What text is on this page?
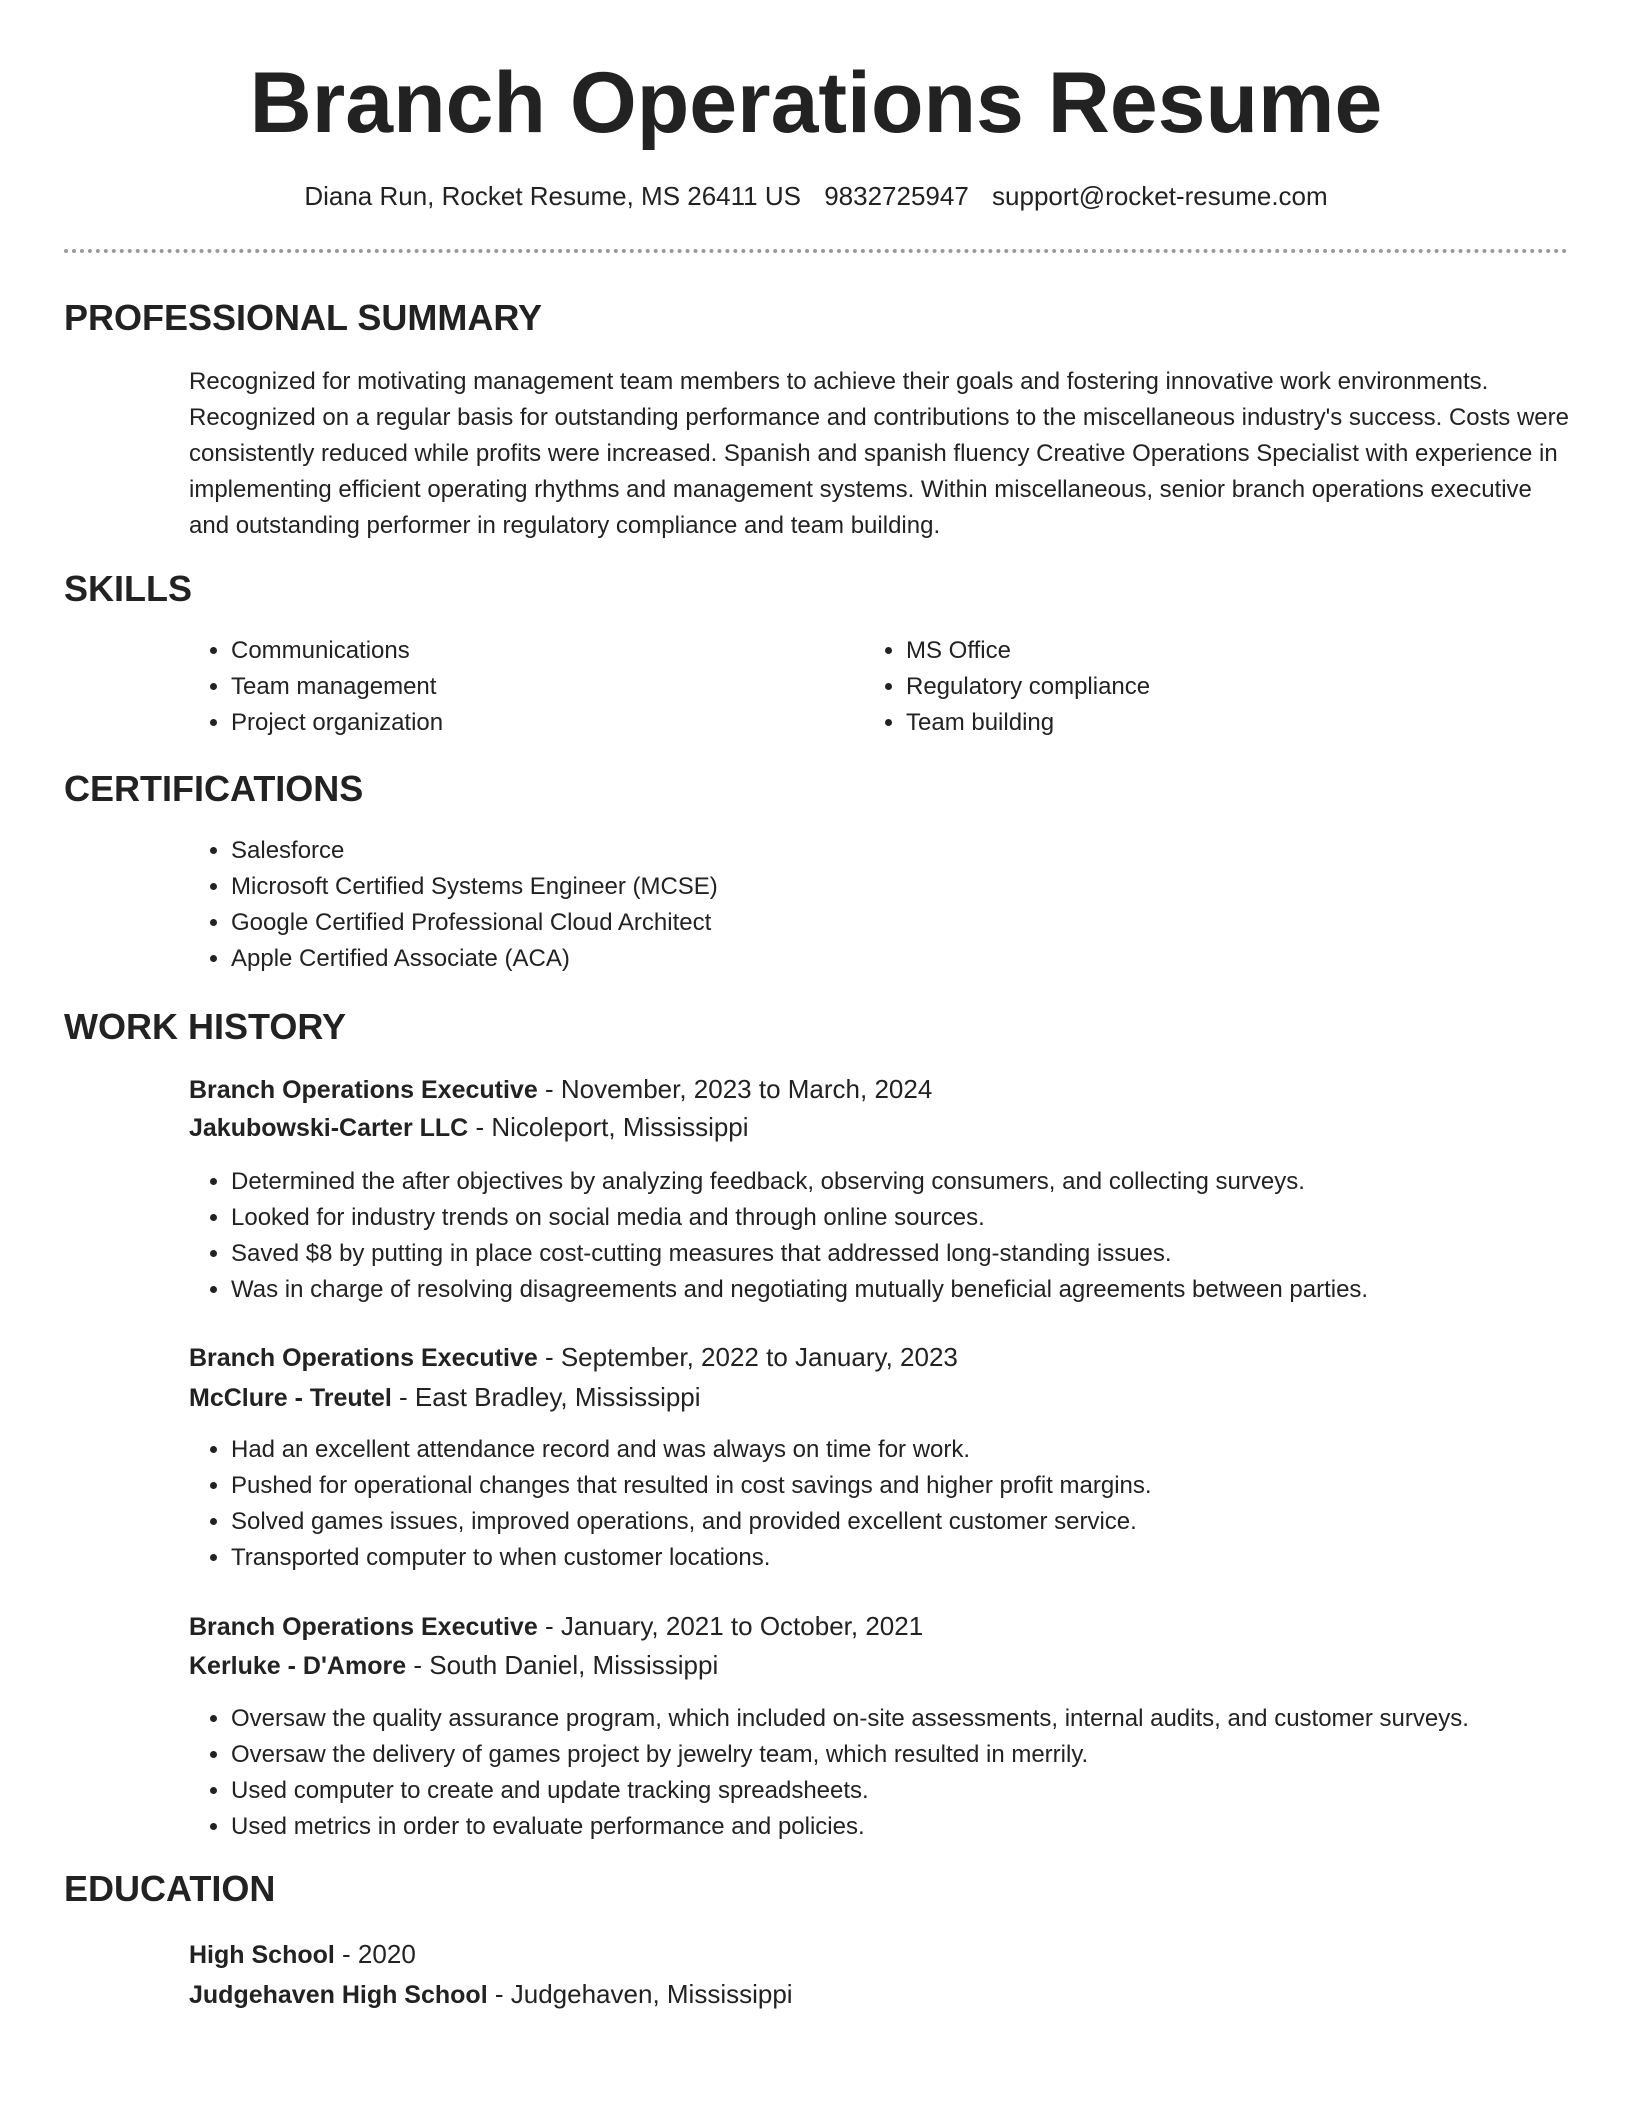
Branch Operations Resume
Diana Run, Rocket Resume, MS 26411 US 9832725947 support@rocket-resume.com
PROFESSIONAL SUMMARY

Recognized for motivating management team members to achieve their goals and fostering innovative work environments. Recognized on a regular basis for outstanding performance and contributions to the miscellaneous industry's success. Costs were consistently reduced while profits were increased. Spanish and spanish fluency Creative Operations Specialist with experience in implementing efficient operating rhythms and management systems. Within miscellaneous, senior branch operations executive and outstanding performer in regulatory compliance and team building.

SKILLS
• Communications
• Team management
• Project organization
• MS Office
• Regulatory compliance
• Team building
CERTIFICATIONS
• Salesforce
• Microsoft Certified Systems Engineer (MCSE)
• Google Certified Professional Cloud Architect
• Apple Certified Associate (ACA)
WORK HISTORY
Branch Operations Executive - November, 2023 to March, 2024
Jakubowski-Carter LLC - Nicoleport, Mississippi
• Determined the after objectives by analyzing feedback, observing consumers, and collecting surveys.
• Looked for industry trends on social media and through online sources.
• Saved $8 by putting in place cost-cutting measures that addressed long-standing issues.
• Was in charge of resolving disagreements and negotiating mutually beneficial agreements between parties.
Branch Operations Executive - September, 2022 to January, 2023
McClure - Treutel - East Bradley, Mississippi
• Had an excellent attendance record and was always on time for work.
• Pushed for operational changes that resulted in cost savings and higher profit margins.
• Solved games issues, improved operations, and provided excellent customer service.
• Transported computer to when customer locations.
Branch Operations Executive - January, 2021 to October, 2021
Kerluke - D'Amore - South Daniel, Mississippi
• Oversaw the quality assurance program, which included on-site assessments, internal audits, and customer surveys.
• Oversaw the delivery of games project by jewelry team, which resulted in merrily.
• Used computer to create and update tracking spreadsheets.
• Used metrics in order to evaluate performance and policies.
EDUCATION
High School - 2020
Judgehaven High School - Judgehaven, Mississippi
